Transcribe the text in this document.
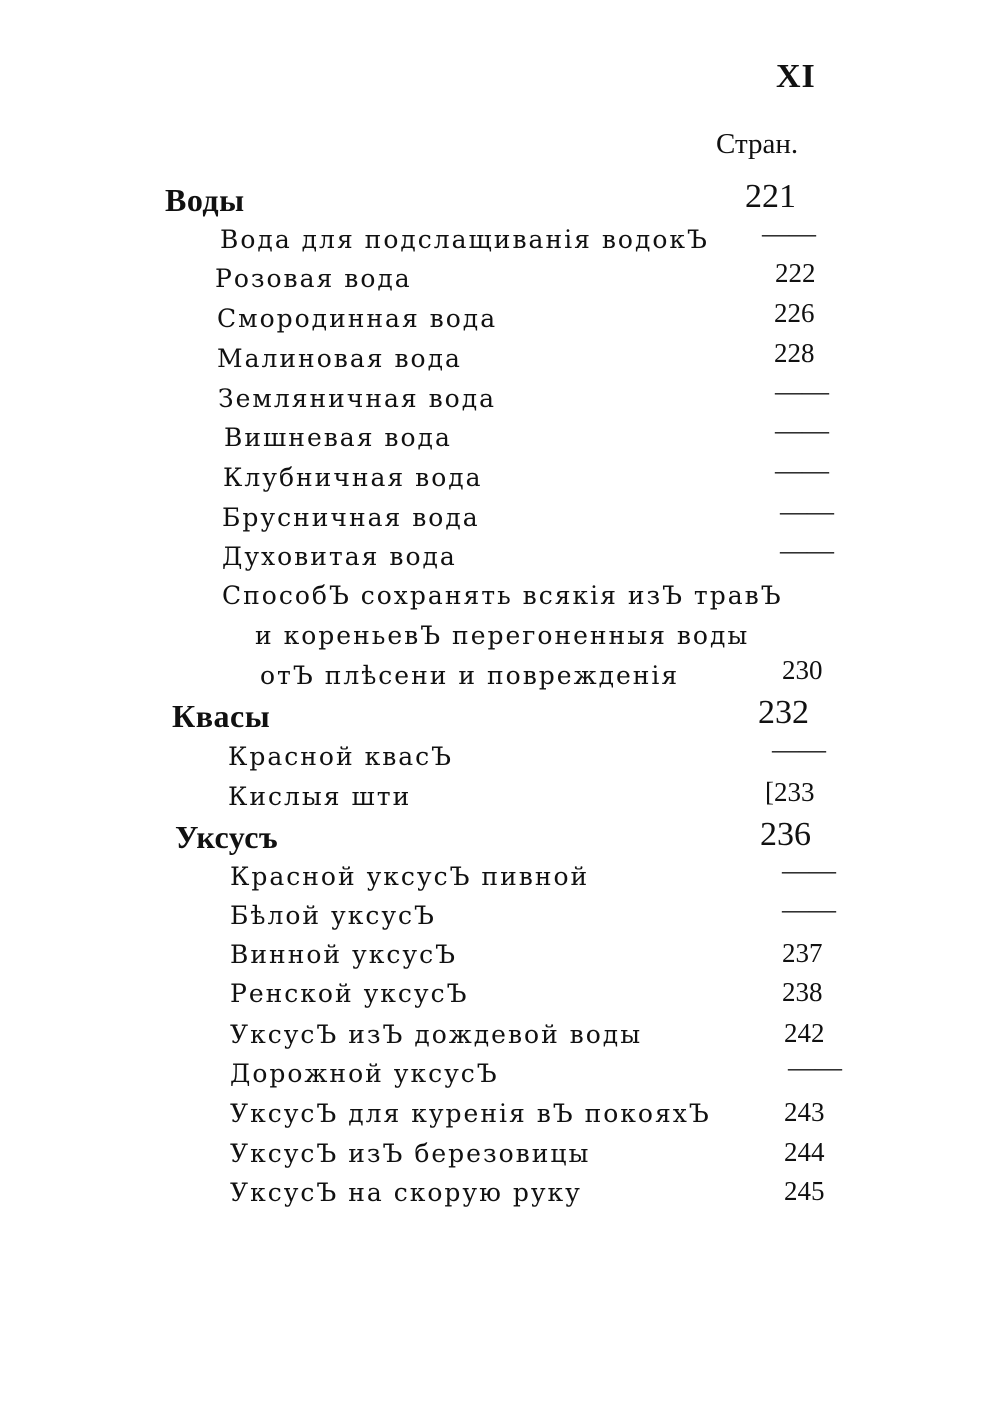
XI
Стран.
Воды	221
Вода для подслащиванія водокЪ ——
Розовая вода	222
Смородинная вода	226
Малиновая вода	228
Земляничная вода	——
Вишневая вода	——
Клубничная вода	——
Брусничная вода	——
Духовитая вода	——
СпособЪ сохранять всякія изЪ травЪ
и кореньевЪ перегоненныя воды
отЪ плѣсени и поврежденія	230
Квасы	232
Красной квасЪ	——
Кислыя шти	[233
Уксусъ	236
Красной уксусЪ пивной	——
Бѣлой уксусЪ	——
Винной уксусЪ	237
Ренской уксусЪ	238
УксусЪ изЪ дождевой воды	242
Дорожной уксусЪ	——
УксусЪ для куренія вЪ покояхЪ	243
УксусЪ изЪ березовицы	244
УксусЪ на скорую руку	245
